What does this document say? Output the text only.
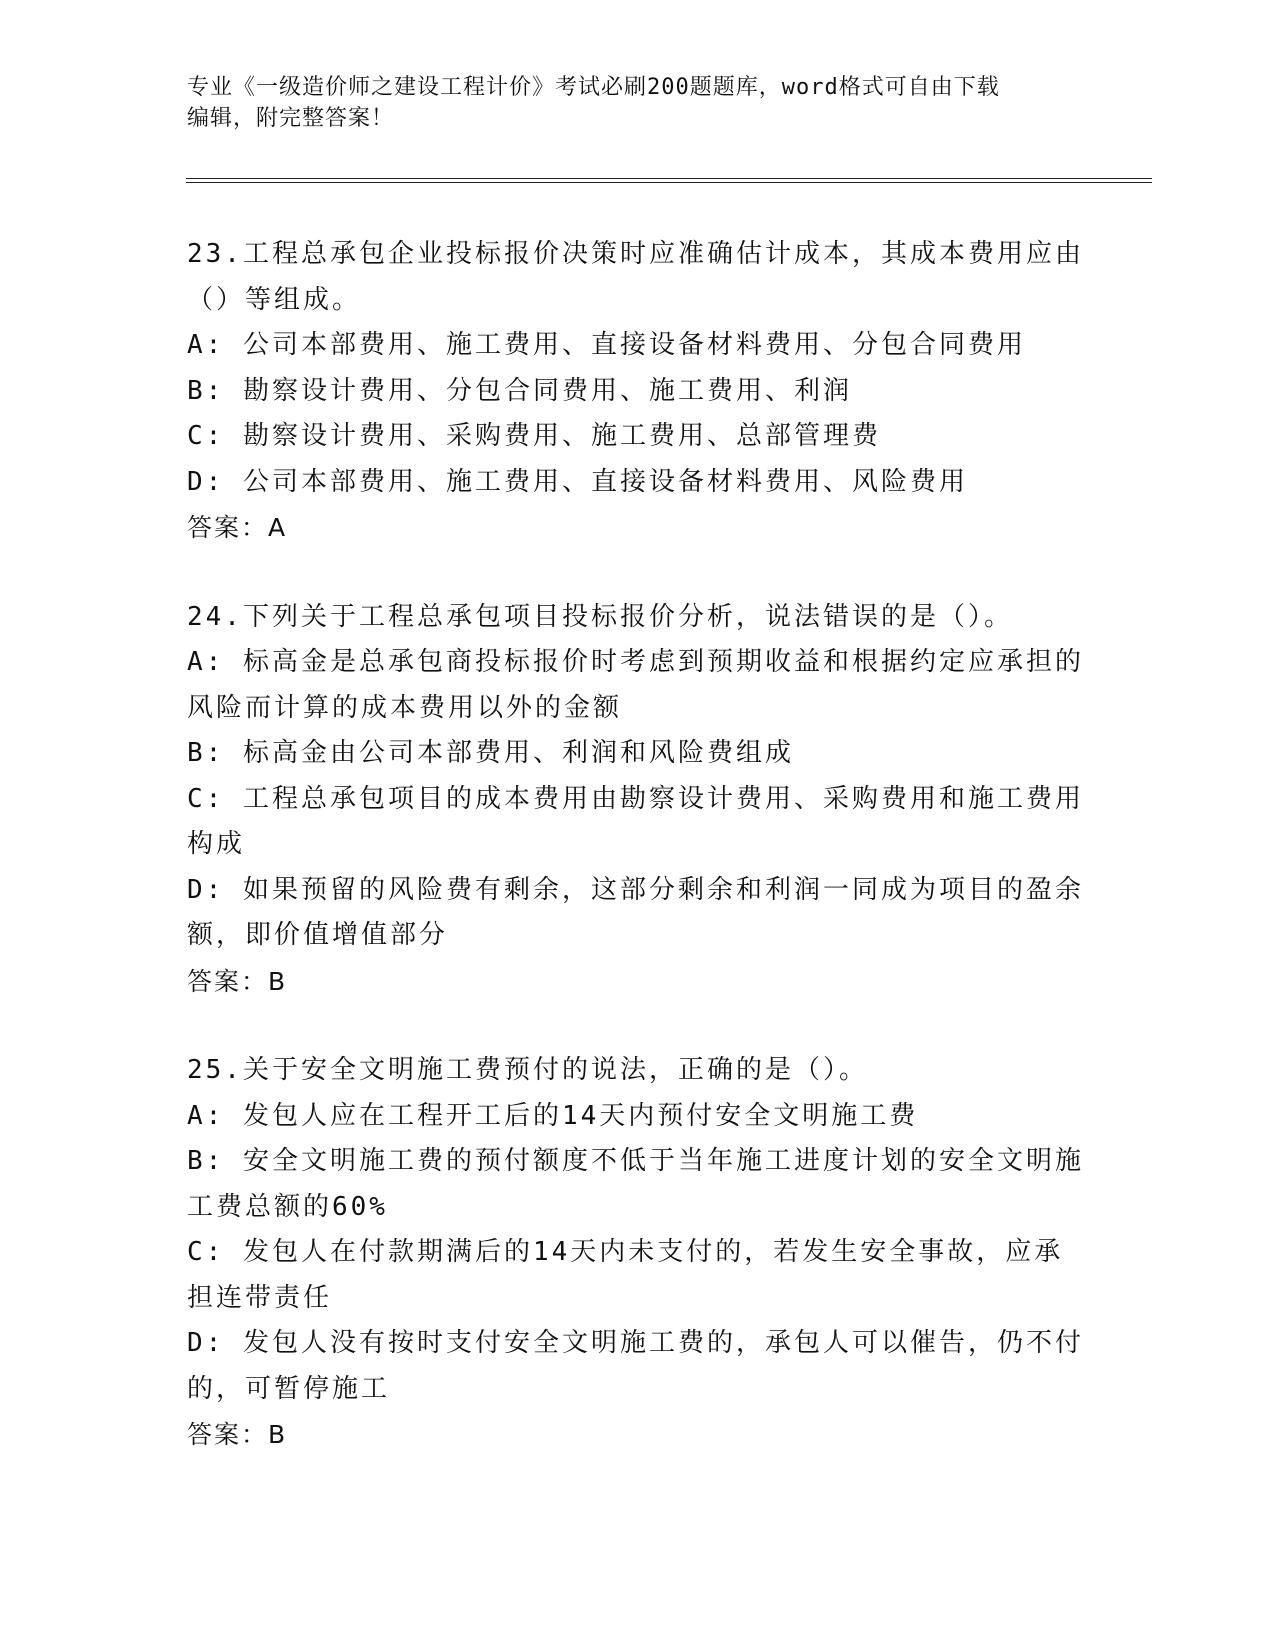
专业《一级造价师之建设工程计价》考试必刷200题题库，word格式可自由下载
编辑，附完整答案！
23.工程总承包企业投标报价决策时应准确估计成本，其成本费用应由
（）等组成。
A: 公司本部费用、施工费用、直接设备材料费用、分包合同费用
B: 勘察设计费用、分包合同费用、施工费用、利润
C: 勘察设计费用、采购费用、施工费用、总部管理费
D: 公司本部费用、施工费用、直接设备材料费用、风险费用
答案：A
24.下列关于工程总承包项目投标报价分析，说法错误的是（）。
A: 标高金是总承包商投标报价时考虑到预期收益和根据约定应承担的
风险而计算的成本费用以外的金额
B: 标高金由公司本部费用、利润和风险费组成
C: 工程总承包项目的成本费用由勘察设计费用、采购费用和施工费用
构成
D: 如果预留的风险费有剩余，这部分剩余和利润一同成为项目的盈余
额，即价值增值部分
答案：B
25.关于安全文明施工费预付的说法，正确的是（）。
A: 发包人应在工程开工后的14天内预付安全文明施工费
B: 安全文明施工费的预付额度不低于当年施工进度计划的安全文明施
工费总额的60%
C: 发包人在付款期满后的14天内未支付的，若发生安全事故，应承
担连带责任
D: 发包人没有按时支付安全文明施工费的，承包人可以催告，仍不付
的，可暂停施工
答案：B
